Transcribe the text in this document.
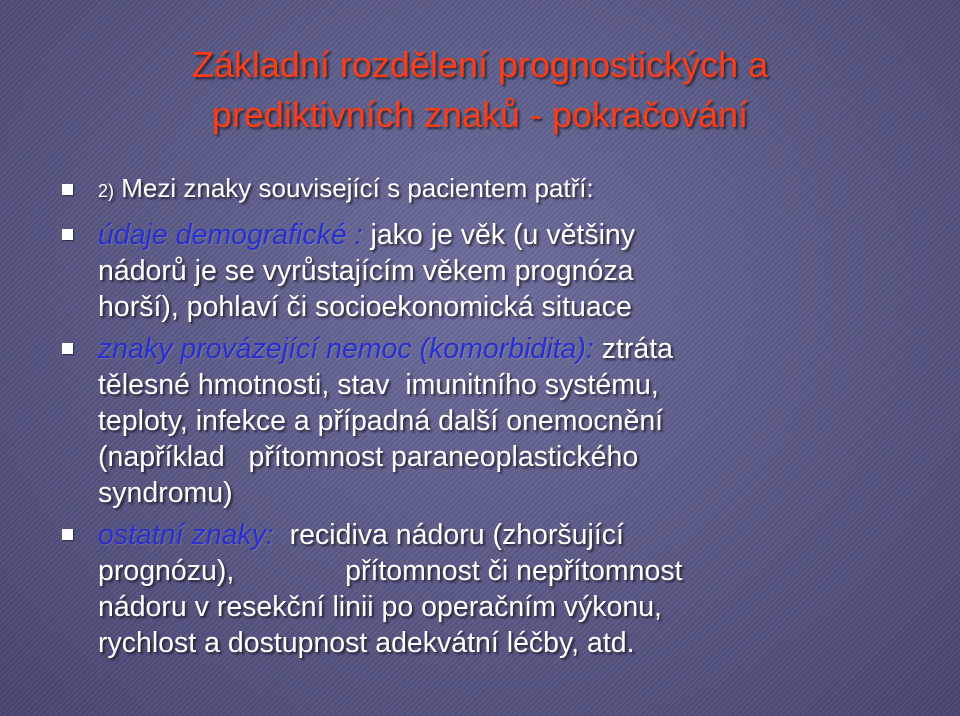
Základní rozdělení prognostických a
prediktivních znaků - pokračování
2) Mezi znaky související s pacientem patří:
údaje demografické : jako je věk (u většiny
nádorů je se vyrůstajícím věkem prognóza
horší), pohlaví či socioekonomická situace
znaky provázející nemoc (komorbidita): ztráta
tělesné hmotnosti, stav  imunitního systému,
teploty, infekce a případná další onemocnění
(například   přítomnost paraneoplastického
syndromu)
ostatní znaky:  recidiva nádoru (zhoršující
prognózu),              přítomnost či nepřítomnost
nádoru v resekční linii po operačním výkonu,
rychlost a dostupnost adekvátní léčby, atd.
